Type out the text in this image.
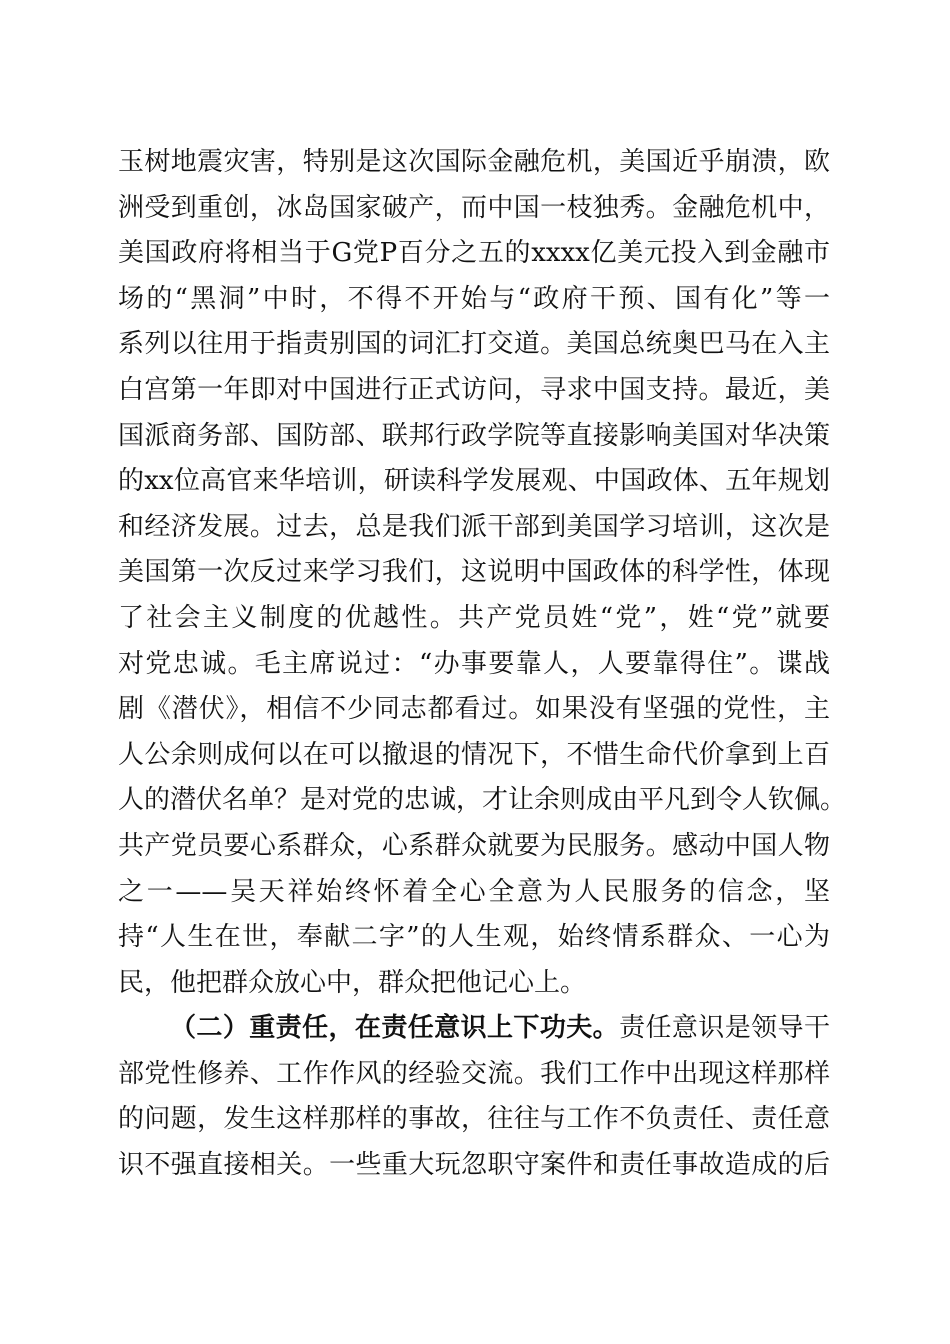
玉树地震灾害，特别是这次国际金融危机，美国近乎崩溃，欧
洲受到重创，冰岛国家破产，而中国一枝独秀。金融危机中，
美国政府将相当于G党P百分之五的xxxx亿美元投入到金融市
场的“黑洞”中时，不得不开始与“政府干预、国有化”等一
系列以往用于指责别国的词汇打交道。美国总统奥巴马在入主
白宫第一年即对中国进行正式访问，寻求中国支持。最近，美
国派商务部、国防部、联邦行政学院等直接影响美国对华决策
的xx位高官来华培训，研读科学发展观、中国政体、五年规划
和经济发展。过去，总是我们派干部到美国学习培训，这次是
美国第一次反过来学习我们，这说明中国政体的科学性，体现
了社会主义制度的优越性。共产党员姓“党”，姓“党”就要
对党忠诚。毛主席说过：“办事要靠人，人要靠得住”。谍战
剧《潜伏》，相信不少同志都看过。如果没有坚强的党性，主
人公余则成何以在可以撤退的情况下，不惜生命代价拿到上百
人的潜伏名单？是对党的忠诚，才让余则成由平凡到令人钦佩。
共产党员要心系群众，心系群众就要为民服务。感动中国人物
之一——吴天祥始终怀着全心全意为人民服务的信念，坚
持“人生在世，奉献二字”的人生观，始终情系群众、一心为
民，他把群众放心中，群众把他记心上。
（二）重责任，在责任意识上下功夫。责任意识是领导干
部党性修养、工作作风的经验交流。我们工作中出现这样那样
的问题，发生这样那样的事故，往往与工作不负责任、责任意
识不强直接相关。一些重大玩忽职守案件和责任事故造成的后
